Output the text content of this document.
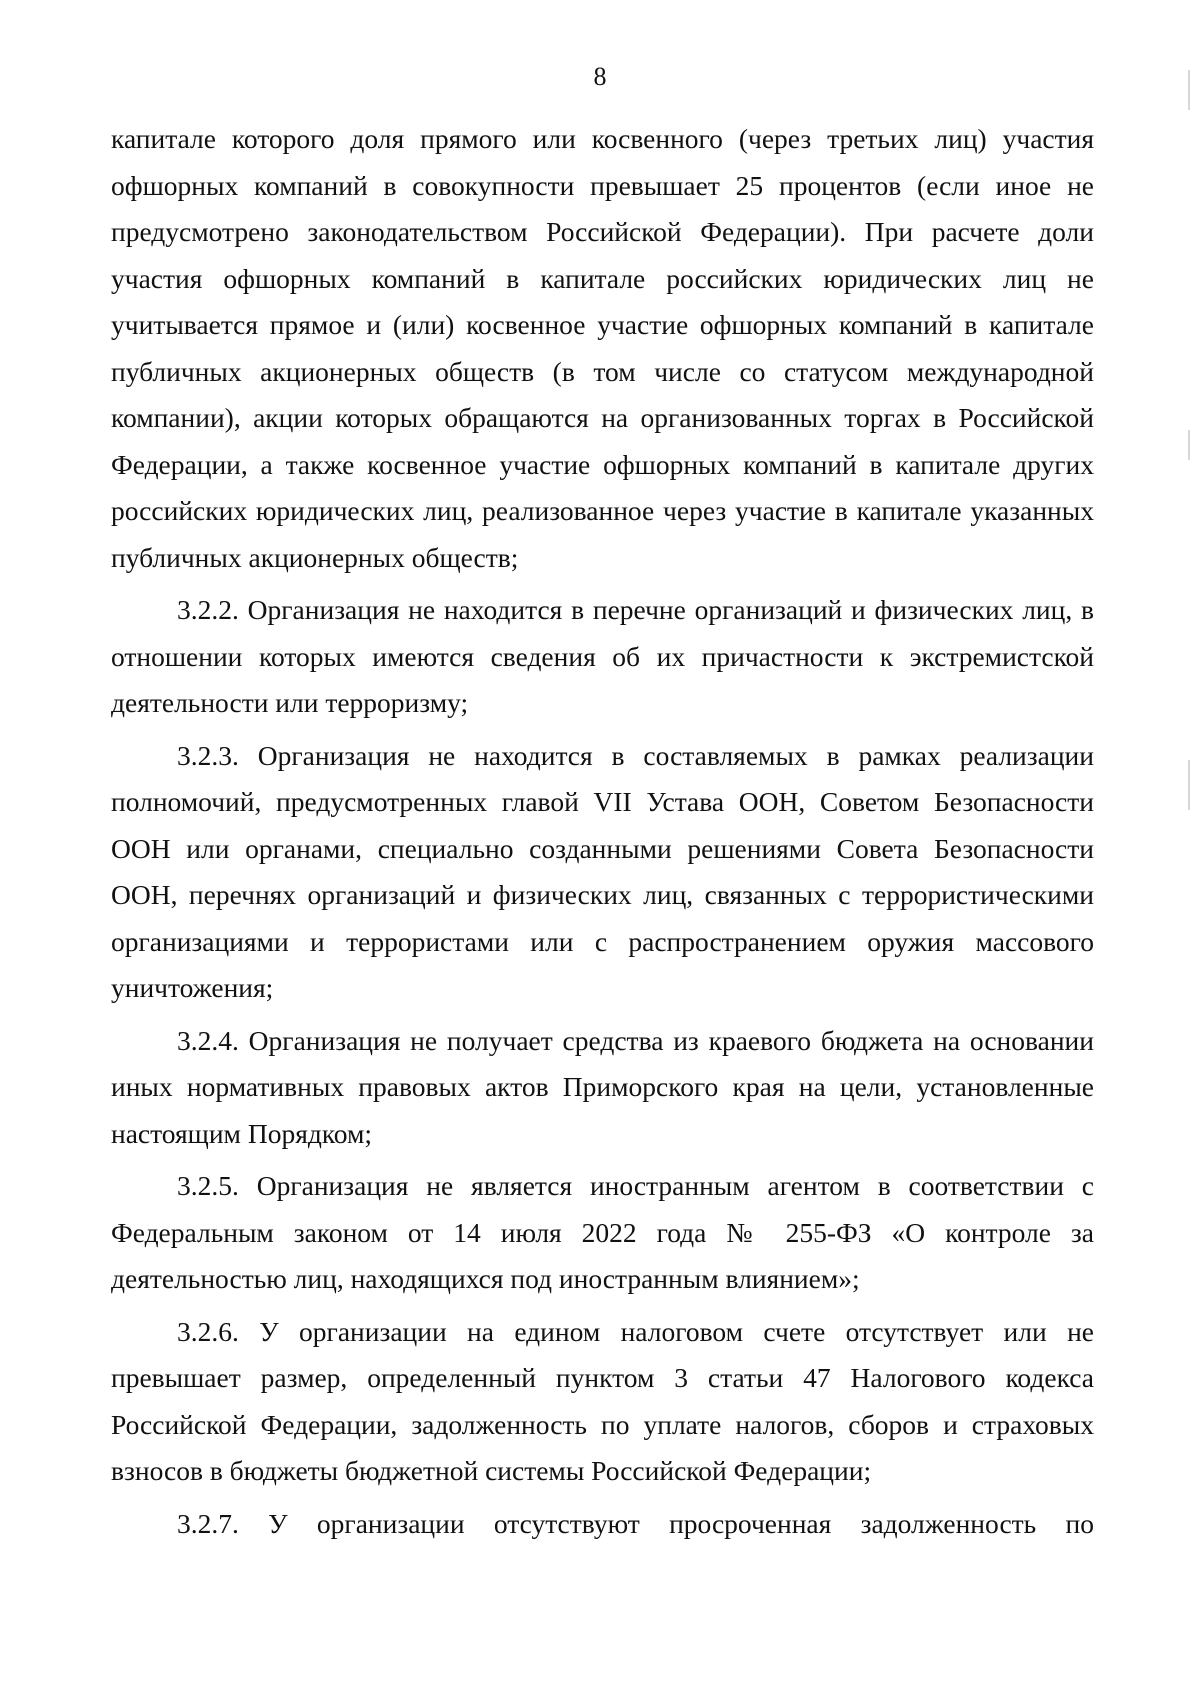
8

капитале которого доля прямого или косвенного (через третьих лиц) участия офшорных компаний в совокупности превышает 25 процентов (если иное не предусмотрено законодательством Российской Федерации). При расчете доли участия офшорных компаний в капитале российских юридических лиц не учитывается прямое и (или) косвенное участие офшорных компаний в капитале публичных акционерных обществ (в том числе со статусом международной компании), акции которых обращаются на организованных торгах в Российской Федерации, а также косвенное участие офшорных компаний в капитале других российских юридических лиц, реализованное через участие в капитале указанных публичных акционерных обществ;

3.2.2. Организация не находится в перечне организаций и физических лиц, в отношении которых имеются сведения об их причастности к экстремистской деятельности или терроризму;

3.2.3. Организация не находится в составляемых в рамках реализации полномочий, предусмотренных главой VII Устава ООН, Советом Безопасности ООН или органами, специально созданными решениями Совета Безопасности ООН, перечнях организаций и физических лиц, связанных с террористическими организациями и террористами или с распространением оружия массового уничтожения;

3.2.4. Организация не получает средства из краевого бюджета на основании иных нормативных правовых актов Приморского края на цели, установленные настоящим Порядком;

3.2.5. Организация не является иностранным агентом в соответствии с Федеральным законом от 14 июля 2022 года № 255-ФЗ «О контроле за деятельностью лиц, находящихся под иностранным влиянием»;

3.2.6. У организации на едином налоговом счете отсутствует или не превышает размер, определенный пунктом 3 статьи 47 Налогового кодекса Российской Федерации, задолженность по уплате налогов, сборов и страховых взносов в бюджеты бюджетной системы Российской Федерации;

3.2.7. У организации отсутствуют просроченная задолженность по
